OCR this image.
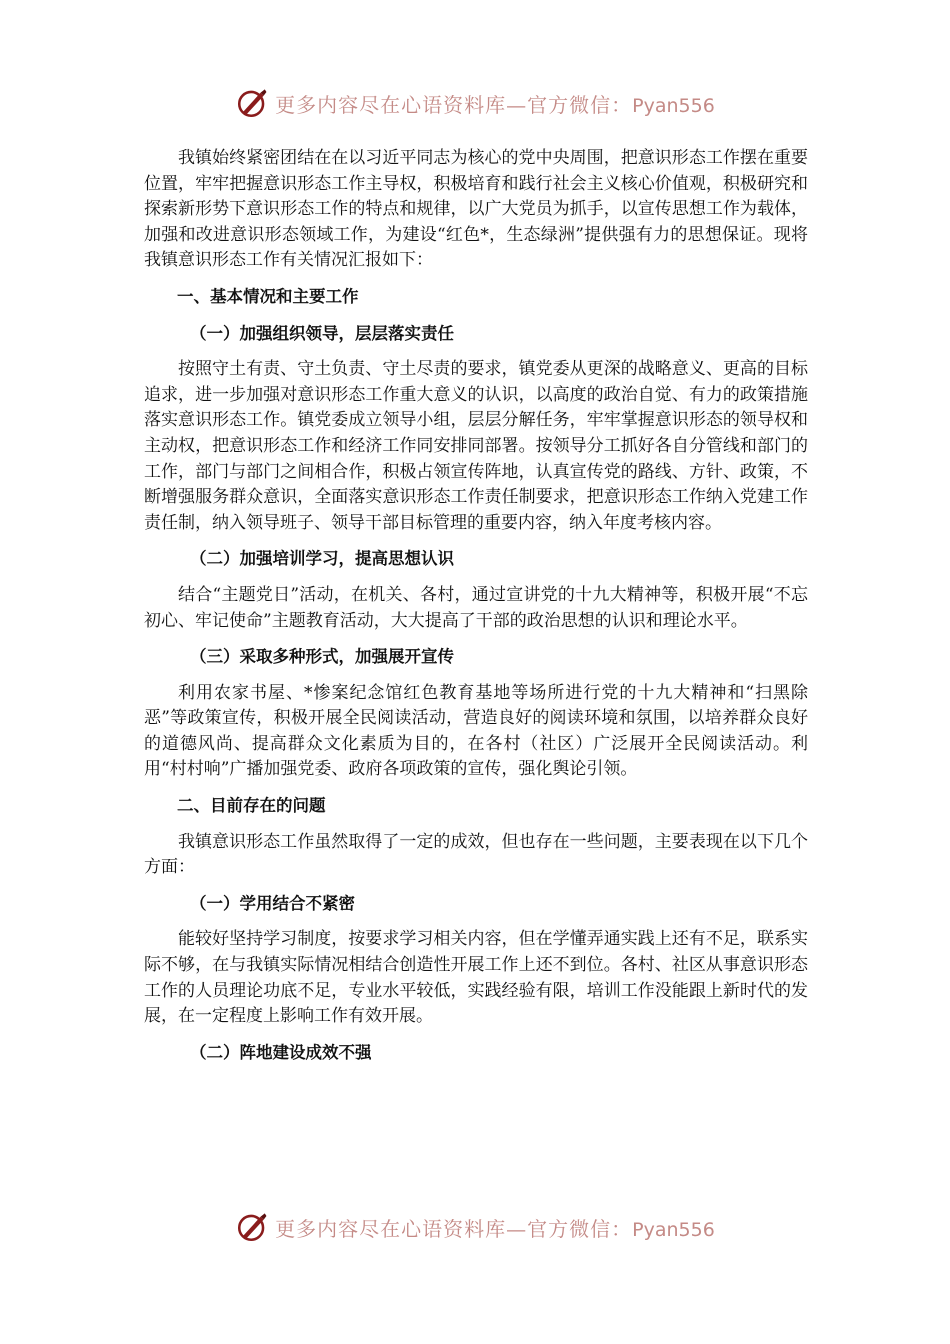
更多内容尽在心语资料库—官方微信：Pyan556

我镇始终紧密团结在在以习近平同志为核心的党中央周围，把意识形态工作摆在重要位置，牢牢把握意识形态工作主导权，积极培育和践行社会主义核心价值观，积极研究和探索新形势下意识形态工作的特点和规律，以广大党员为抓手，以宣传思想工作为载体，加强和改进意识形态领域工作，为建设“红色*，生态绿洲”提供强有力的思想保证。现将我镇意识形态工作有关情况汇报如下：

一、基本情况和主要工作

（一）加强组织领导，层层落实责任

按照守土有责、守土负责、守土尽责的要求，镇党委从更深的战略意义、更高的目标追求，进一步加强对意识形态工作重大意义的认识，以高度的政治自觉、有力的政策措施落实意识形态工作。镇党委成立领导小组，层层分解任务，牢牢掌握意识形态的领导权和主动权，把意识形态工作和经济工作同安排同部署。按领导分工抓好各自分管线和部门的工作，部门与部门之间相合作，积极占领宣传阵地，认真宣传党的路线、方针、政策，不断增强服务群众意识，全面落实意识形态工作责任制要求，把意识形态工作纳入党建工作责任制，纳入领导班子、领导干部目标管理的重要内容，纳入年度考核内容。

（二）加强培训学习，提高思想认识

结合“主题党日”活动，在机关、各村，通过宣讲党的十九大精神等，积极开展“不忘初心、牢记使命”主题教育活动，大大提高了干部的政治思想的认识和理论水平。

（三）采取多种形式，加强展开宣传

利用农家书屋、*惨案纪念馆红色教育基地等场所进行党的十九大精神和“扫黑除恶”等政策宣传，积极开展全民阅读活动，营造良好的阅读环境和氛围，以培养群众良好的道德风尚、提高群众文化素质为目的，在各村（社区）广泛展开全民阅读活动。利用“村村响”广播加强党委、政府各项政策的宣传，强化舆论引领。

二、目前存在的问题

我镇意识形态工作虽然取得了一定的成效，但也存在一些问题，主要表现在以下几个方面：

（一）学用结合不紧密

能较好坚持学习制度，按要求学习相关内容，但在学懂弄通实践上还有不足，联系实际不够，在与我镇实际情况相结合创造性开展工作上还不到位。各村、社区从事意识形态工作的人员理论功底不足，专业水平较低，实践经验有限，培训工作没能跟上新时代的发展，在一定程度上影响工作有效开展。

（二）阵地建设成效不强

更多内容尽在心语资料库—官方微信：Pyan556
